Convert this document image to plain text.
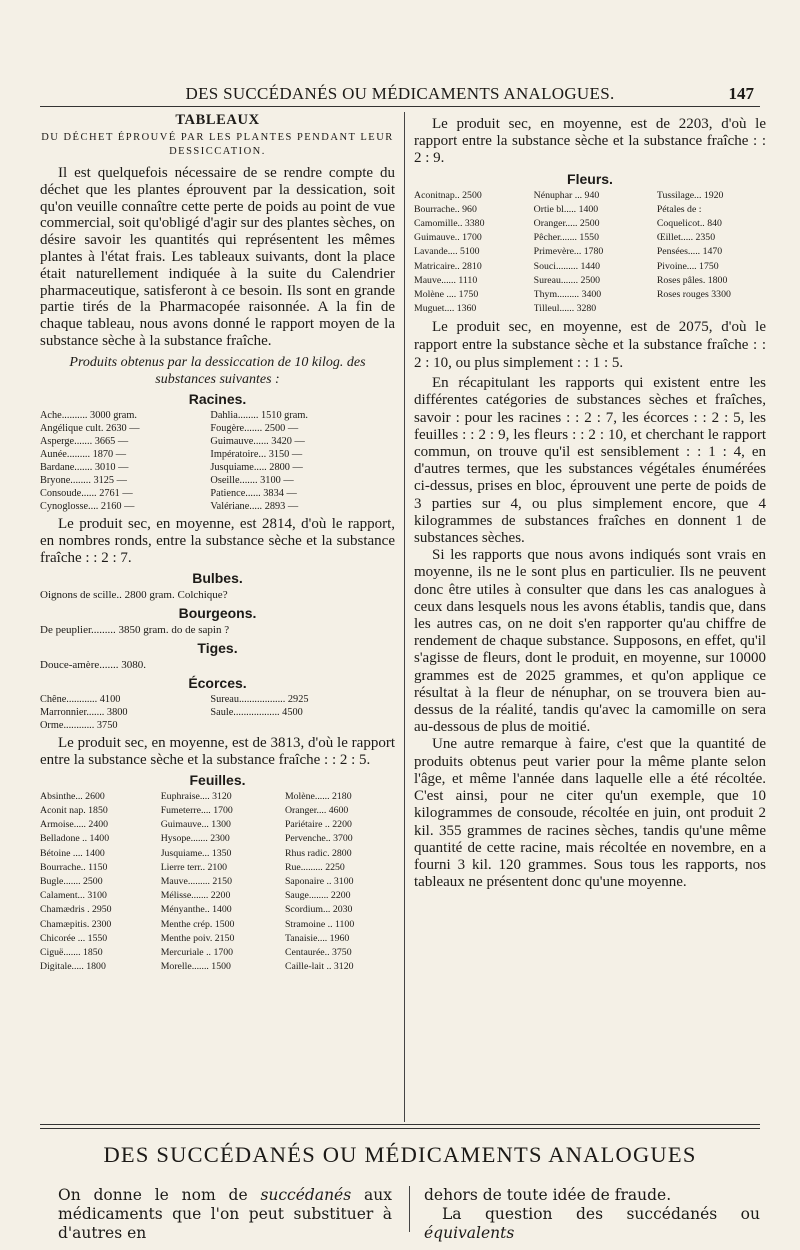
DES SUCCÉDANÉS OU MÉDICAMENTS ANALOGUES.	147
TABLEAUX
DU DÉCHET ÉPROUVÉ PAR LES PLANTES PENDANT LEUR DESSICCATION.

Il est quelquefois nécessaire de se rendre compte du déchet que les plantes éprouvent par la dessication, soit qu'on veuille connaître cette perte de poids au point de vue commercial, soit qu'obligé d'agir sur des plantes sèches, on désire savoir les quantités qui représentent les mêmes plantes à l'état frais. Les tableaux suivants, dont la place était naturellement indiquée à la suite du Calendrier pharmaceutique, satisferont à ce besoin. Ils sont en grande partie tirés de la Pharmacopée raisonnée. A la fin de chaque tableau, nous avons donné le rapport moyen de la substance sèche à la substance fraîche.

Produits obtenus par la dessiccation de 10 kilog. des substances suivantes :
Racines.
Ache.......... 3000 gram.	Dahlia........ 1510 gram.
Angélique cult. 2630 —	Fougère....... 2500 —
Asperge....... 3665 —	Guimauve...... 3420 —
Aunée......... 1870 —	Impératoire... 3150 —
Bardane....... 3010 —	Jusquiame..... 2800 —
Bryone........ 3125 —	Oseille....... 3100 —
Consoude...... 2761 —	Patience...... 3834 —
Cynoglosse.... 2160 —	Valériane..... 2893 —

Le produit sec, en moyenne, est 2814, d'où le rapport, en nombres ronds, entre la substance sèche et la substance fraîche : : 2 : 7.

Bulbes.
Oignons de scille.. 2800 gram. Colchique?
Bourgeons.
De peuplier......... 3850 gram. do de sapin ?
Tiges.
Douce-amère....... 3080.
Écorces.
Chêne............ 4100	Sureau.................. 2925
Marronnier....... 3800	Saule.................. 4500
Orme............ 3750

Le produit sec, en moyenne, est de 3813, d'où le rapport entre la substance sèche et la substance fraîche : : 2 : 5.

Feuilles.
Absinthe... 2600	Euphraise.... 3120	Molène...... 2180
Aconit nap. 1850	Fumeterre.... 1700	Oranger.... 4600
Armoise..... 2400	Guimauve... 1300	Pariétaire .. 2200
Belladone .. 1400	Hysope....... 2300	Pervenche.. 3700
Bétoine .... 1400	Jusquiame... 1350	Rhus radic. 2800
Bourrache.. 1150	Lierre terr.. 2100	Rue......... 2250
Bugle....... 2500	Mauve......... 2150	Saponaire .. 3100
Calament... 3100	Mélisse....... 2200	Sauge........ 2200
Chamædris . 2950	Ményanthe.. 1400	Scordium... 2030
Chamæpitis. 2300	Menthe crép. 1500	Stramoine .. 1100
Chicorée ... 1550	Menthe poiv. 2150	Tanaisie.... 1960
Ciguë....... 1850	Mercuriale .. 1700	Centaurée.. 3750
Digitale..... 1800	Morelle....... 1500	Caille-lait .. 3120

Le produit sec, en moyenne, est de 2203, d'où le rapport entre la substance sèche et la substance fraîche : : 2 : 9.

Fleurs.
Aconitnap.. 2500	Nénuphar ... 940	Tussilage... 1920
Bourrache.. 960	Ortie bl..... 1400	Pétales de :
Camomille.. 3380	Oranger..... 2500	Coquelicot.. 840
Guimauve.. 1700	Pêcher....... 1550	Œillet..... 2350
Lavande.... 5100	Primevère... 1780	Pensées..... 1470
Matricaire.. 2810	Souci......... 1440	Pivoine.... 1750
Mauve...... 1110	Sureau....... 2500	Roses pâles. 1800
Molène .... 1750	Thym......... 3400	Roses rouges 3300
Muguet.... 1360	Tilleul...... 3280

Le produit sec, en moyenne, est de 2075, d'où le rapport entre la substance sèche et la substance fraîche : : 2 : 10, ou plus simplement : : 1 : 5.

En récapitulant les rapports qui existent entre les différentes catégories de substances sèches et fraîches, savoir : pour les racines : : 2 : 7, les écorces : : 2 : 5, les feuilles : : 2 : 9, les fleurs : : 2 : 10, et cherchant le rapport commun, on trouve qu'il est sensiblement : : 1 : 4, en d'autres termes, que les substances végétales énumérées ci-dessus, prises en bloc, éprouvent une perte de poids de 3 parties sur 4, ou plus simplement encore, que 4 kilogrammes de substances fraîches en donnent 1 de substances sèches.

Si les rapports que nous avons indiqués sont vrais en moyenne, ils ne le sont plus en particulier. Ils ne peuvent donc être utiles à consulter que dans les cas analogues à ceux dans lesquels nous les avons établis, tandis que, dans les autres cas, on ne doit s'en rapporter qu'au chiffre de rendement de chaque substance. Supposons, en effet, qu'il s'agisse de fleurs, dont le produit, en moyenne, sur 10000 grammes est de 2025 grammes, et qu'on applique ce résultat à la fleur de nénuphar, on se trouvera bien au-dessus de la réalité, tandis qu'avec la camomille on sera au-dessous de plus de moitié.

Une autre remarque à faire, c'est que la quantité de produits obtenus peut varier pour la même plante selon l'âge, et même l'année dans laquelle elle a été récoltée. C'est ainsi, pour ne citer qu'un exemple, que 10 kilogrammes de consoude, récoltée en juin, ont produit 2 kil. 355 grammes de racines sèches, tandis qu'une même quantité de cette racine, mais récoltée en novembre, en a fourni 3 kil. 120 grammes. Sous tous les rapports, nos tableaux ne présentent donc qu'une moyenne.

DES SUCCÉDANÉS OU MÉDICAMENTS ANALOGUES
On donne le nom de succédanés aux médicaments que l'on peut substituer à d'autres en
dehors de toute idée de fraude.
La question des succédanés ou équivalents
